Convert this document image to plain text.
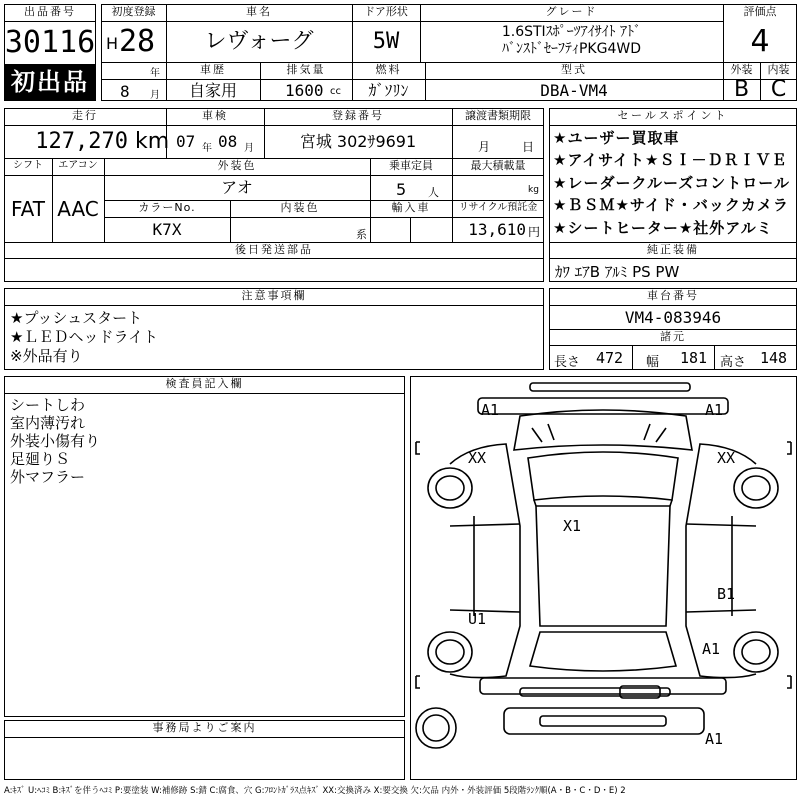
出品番号
30116
初出品
初度登録
H 28
年
8 月
車名
レヴォーグ
ドア形状
5W
グレード
1.6STIｽﾎﾟｰﾂｱｲｻｲﾄ ｱﾄﾞ
ﾊﾞﾝｽﾄﾞｾｰﾌﾃｨPKG4WD
評価点
4
車歴
自家用
排気量
1600 cc
燃料
ｶﾞｿﾘﾝ
型式
DBA-VM4
外装
B
内装
C
走行
127,270 km
車検
07 年 08 月
登録番号
宮城 302ｻ9691
譲渡書類期限
月	日
シフト
FAT
エアコン
AAC
外装色
アオ
乗車定員
5 人
最大積載量
kg
カラーNo.
K7X
内装色
系
輸入車	リサイクル預託金
13,610 円
後日発送部品
セールスポイント
★ユーザー買取車
★アイサイト★ＳＩ－ＤＲＩＶＥ
★レーダークルーズコントロール
★ＢＳＭ★サイド・バックカメラ
★シートヒーター★社外アルミ
純正装備
ｶﾜ ｴｱB ｱﾙﾐ PS PW
注意事項欄
★プッシュスタート
★ＬＥＤヘッドライト
※外品有り
車台番号
VM4-083946
諸元
長さ 472 幅 181 高さ 148
検査員記入欄
シートしわ
室内薄汚れ
外装小傷有り
足廻りＳ
外マフラー
事務局よりご案内
A1	A1
XX	XX
X1
B1
U1
A1
A1
A:ｷｽﾞ U:ﾍｺﾐ B:ｷｽﾞを伴うﾍｺﾐ P:要塗装 W:補修跡 S:錆 C:腐食、穴 G:ﾌﾛﾝﾄｶﾞﾗｽ点ｷｽﾞ XX:交換済み X:要交換 欠:欠品 内外・外装評価 5段階ﾗﾝｸ順(A・B・C・D・E) 2
